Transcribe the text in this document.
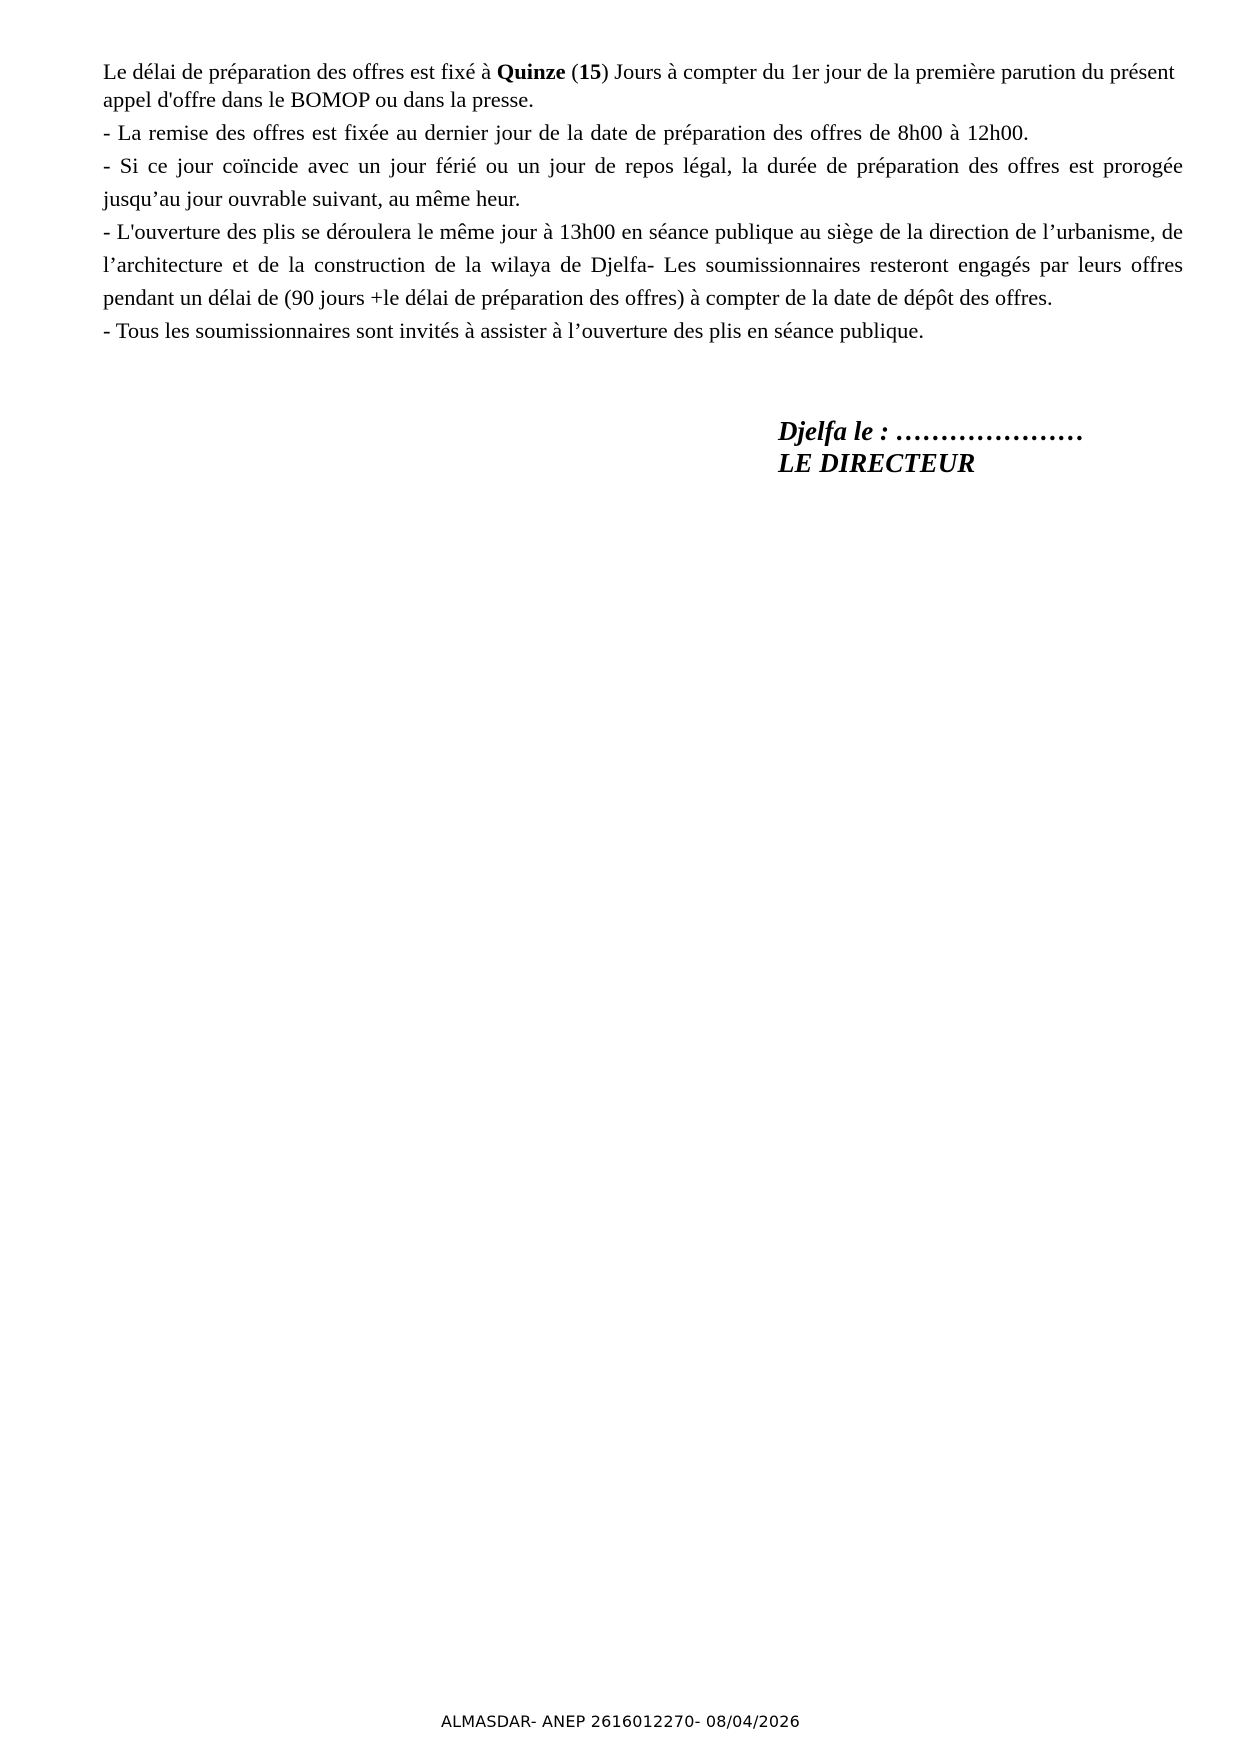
Le délai de préparation des offres est fixé à Quinze (15) Jours à compter du 1er jour de la première parution du présent appel d'offre dans le BOMOP ou dans la presse.

- La remise des offres est fixée au dernier jour de la date de préparation des offres de 8h00 à 12h00.

- Si ce jour coïncide avec un jour férié ou un jour de repos légal, la durée de préparation des offres est prorogée jusqu’au jour ouvrable suivant, au même heur.

- L'ouverture des plis se déroulera le même jour à 13h00 en séance publique au siège de la direction de l’urbanisme, de l’architecture et de la construction de la wilaya de Djelfa- Les soumissionnaires resteront engagés par leurs offres pendant un délai de (90 jours +le délai de préparation des offres) à compter de la date de dépôt des offres.

- Tous les soumissionnaires sont invités à assister à l’ouverture des plis en séance publique.

Djelfa le : …………………
LE DIRECTEUR
ALMASDAR- ANEP 2616012270- 08/04/2026
